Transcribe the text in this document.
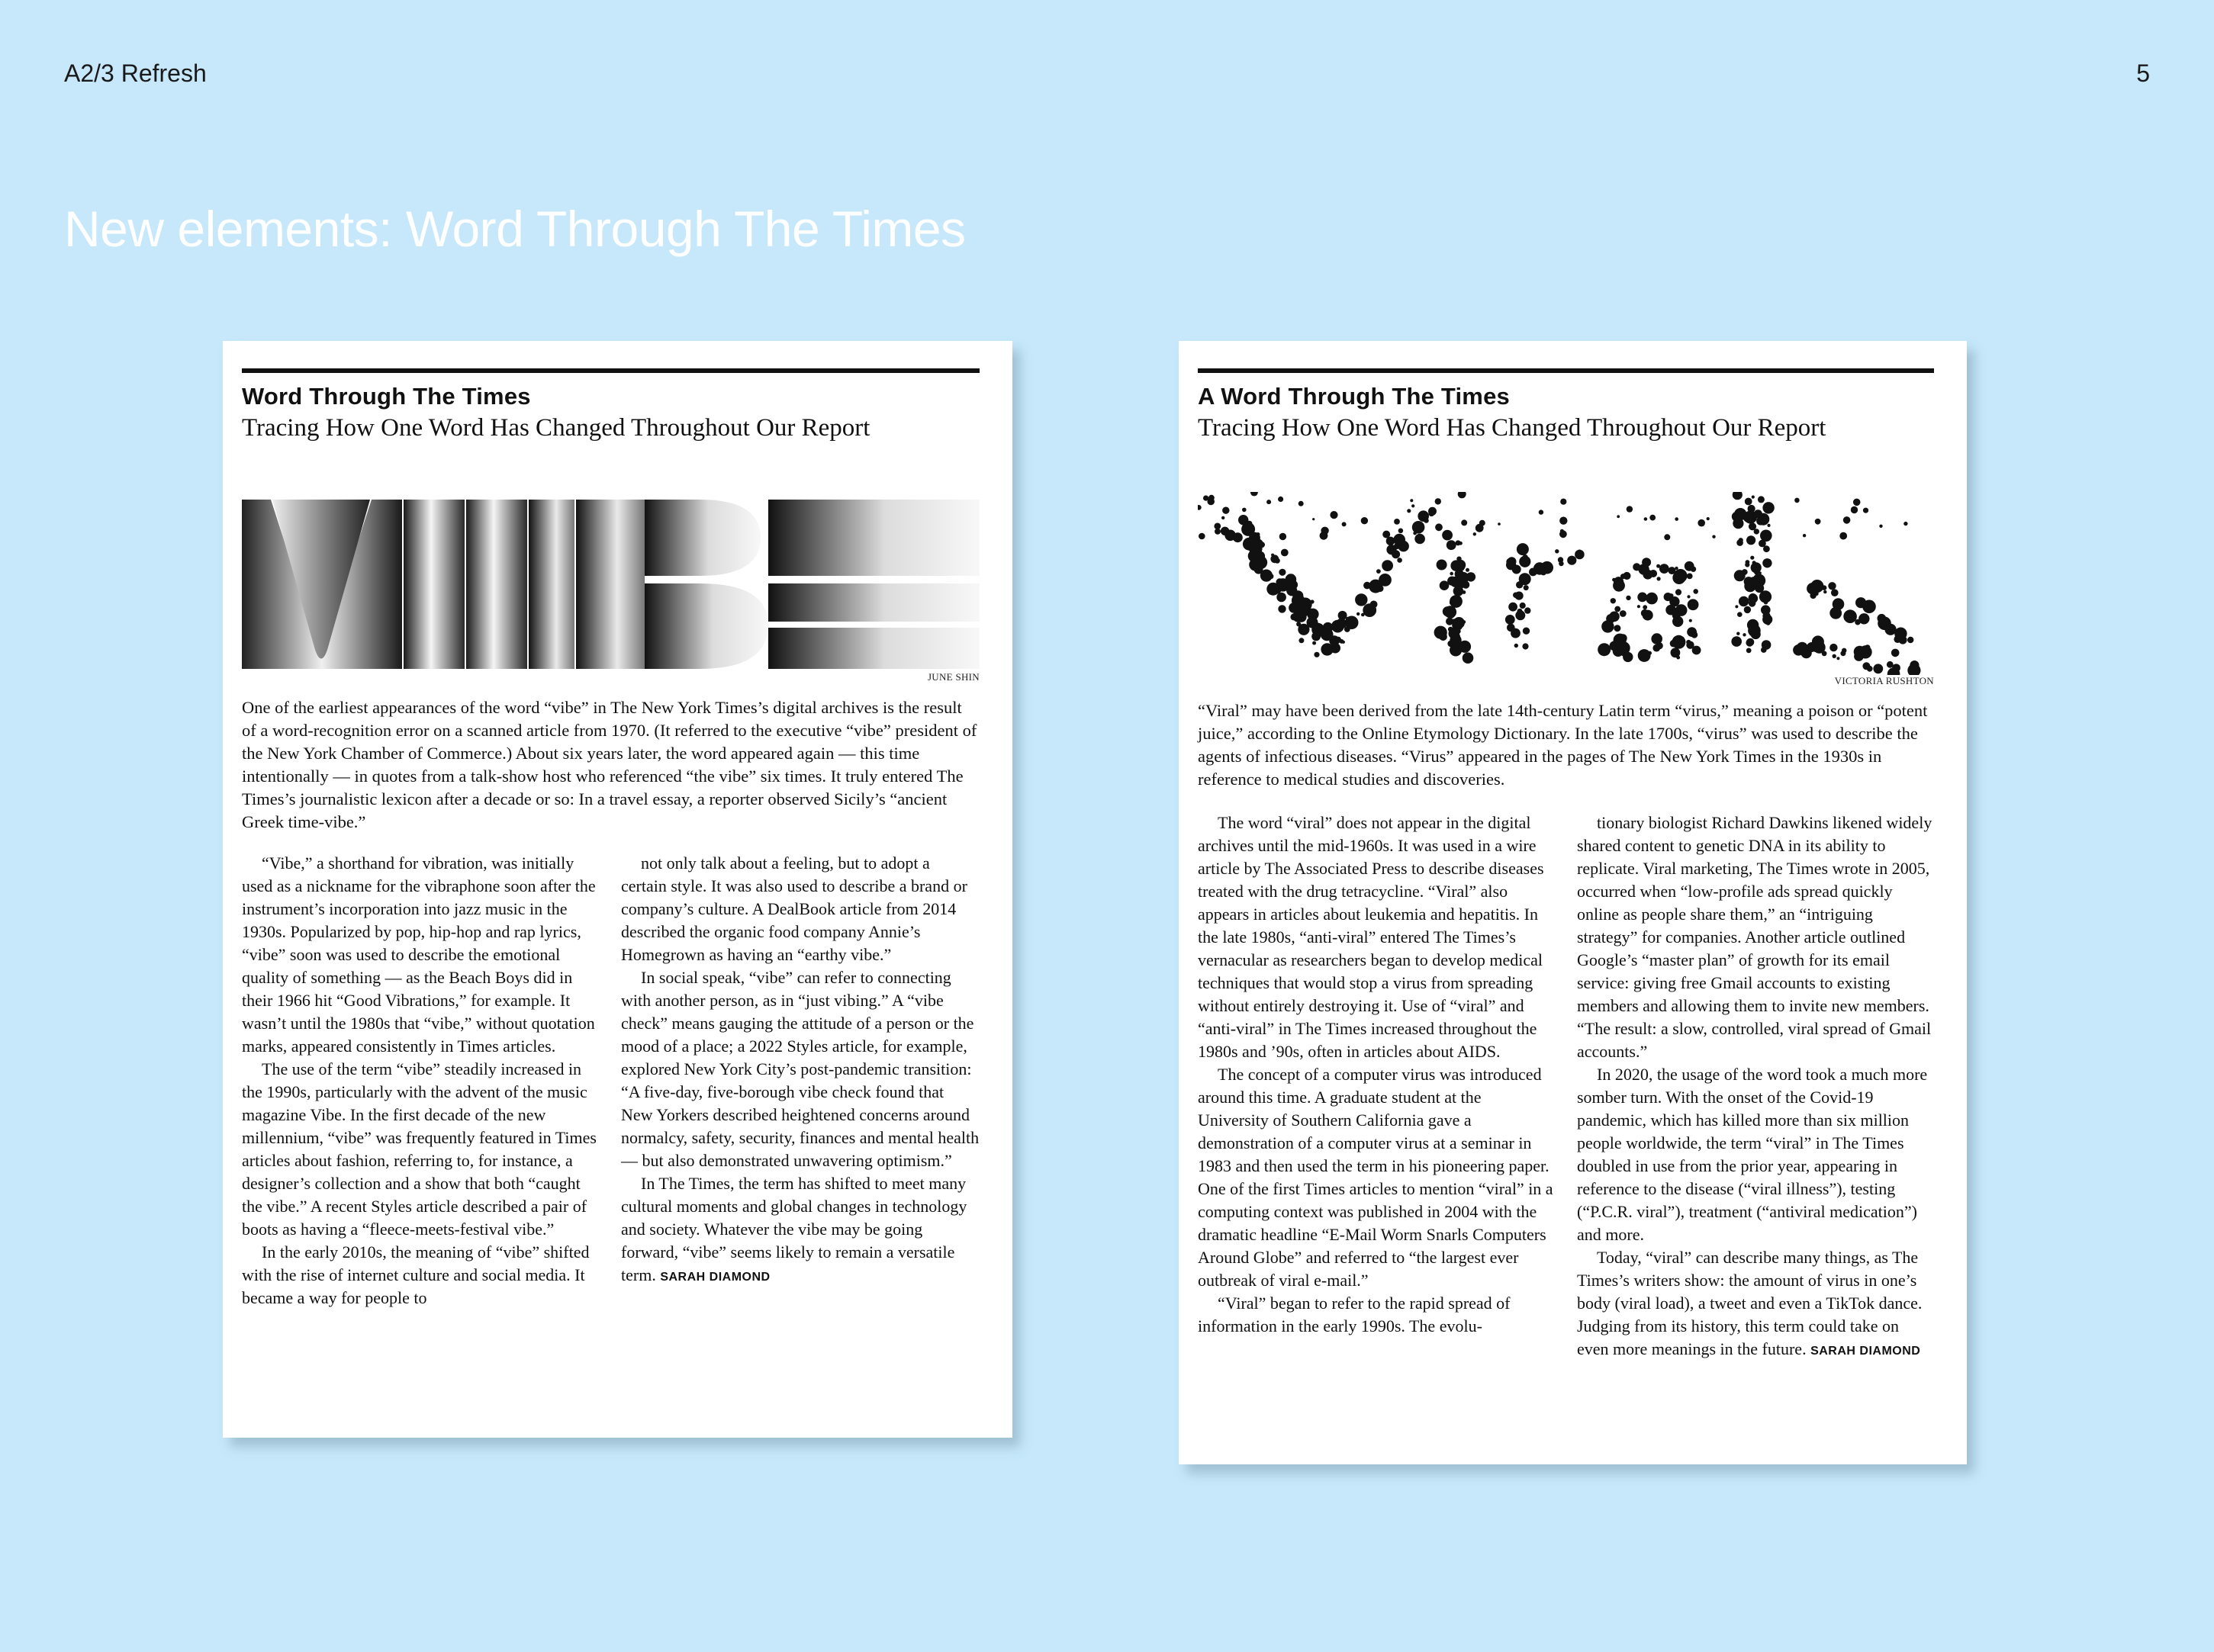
A2/3 Refresh	5
New elements: Word Through The Times
Word Through The Times
Tracing How One Word Has Changed Throughout Our Report
JUNE SHIN

One of the earliest appearances of the word “vibe” in The New York Times’s digital archives is the result of a word-recognition error on a scanned article from 1970. (It referred to the executive “vibe” president of the New York Chamber of Commerce.) About six years later, the word appeared again — this time intentionally — in quotes from a talk-show host who referenced “the vibe” six times. It truly entered The Times’s journalistic lexicon after a decade or so: In a travel essay, a reporter observed Sicily’s “ancient Greek time-vibe.”

“Vibe,” a shorthand for vibration, was initially used as a nickname for the vibraphone soon after the instrument’s incorporation into jazz music in the 1930s. Popularized by pop, hip-hop and rap lyrics, “vibe” soon was used to describe the emotional quality of something — as the Beach Boys did in their 1966 hit “Good Vibrations,” for example. It wasn’t until the 1980s that “vibe,” without quotation marks, appeared consistently in Times articles.

The use of the term “vibe” steadily increased in the 1990s, particularly with the advent of the music magazine Vibe. In the first decade of the new millennium, “vibe” was frequently featured in Times articles about fashion, referring to, for instance, a designer’s collection and a show that both “caught the vibe.” A recent Styles article described a pair of boots as having a “fleece-meets-festival vibe.”

In the early 2010s, the meaning of “vibe” shifted with the rise of internet culture and social media. It became a way for people to

not only talk about a feeling, but to adopt a certain style. It was also used to describe a brand or company’s culture. A DealBook article from 2014 described the organic food company Annie’s Homegrown as having an “earthy vibe.”

In social speak, “vibe” can refer to connecting with another person, as in “just vibing.” A “vibe check” means gauging the attitude of a person or the mood of a place; a 2022 Styles article, for example, explored New York City’s post-pandemic transition: “A five-day, five-borough vibe check found that New Yorkers described heightened concerns around normalcy, safety, security, finances and mental health — but also demonstrated unwavering optimism.”

In The Times, the term has shifted to meet many cultural moments and global changes in technology and society. Whatever the vibe may be going forward, “vibe” seems likely to remain a versatile term. SARAH DIAMOND

A Word Through The Times
Tracing How One Word Has Changed Throughout Our Report
VICTORIA RUSHTON

“Viral” may have been derived from the late 14th-century Latin term “virus,” meaning a poison or “potent juice,” according to the Online Etymology Dictionary. In the late 1700s, “virus” was used to describe the agents of infectious diseases. “Virus” appeared in the pages of The New York Times in the 1930s in reference to medical studies and discoveries.

The word “viral” does not appear in the digital archives until the mid-1960s. It was used in a wire article by The Associated Press to describe diseases treated with the drug tetracycline. “Viral” also appears in articles about leukemia and hepatitis. In the late 1980s, “anti-viral” entered The Times’s vernacular as researchers began to develop medical techniques that would stop a virus from spreading without entirely destroying it. Use of “viral” and “anti-viral” in The Times increased throughout the 1980s and ’90s, often in articles about AIDS.

The concept of a computer virus was introduced around this time. A graduate student at the University of Southern California gave a demonstration of a computer virus at a seminar in 1983 and then used the term in his pioneering paper. One of the first Times articles to mention “viral” in a computing context was published in 2004 with the dramatic headline “E-Mail Worm Snarls Computers Around Globe” and referred to “the largest ever outbreak of viral e-mail.”

“Viral” began to refer to the rapid spread of information in the early 1990s. The evolu-

tionary biologist Richard Dawkins likened widely shared content to genetic DNA in its ability to replicate. Viral marketing, The Times wrote in 2005, occurred when “low-profile ads spread quickly online as people share them,” an “intriguing strategy” for companies. Another article outlined Google’s “master plan” of growth for its email service: giving free Gmail accounts to existing members and allowing them to invite new members. “The result: a slow, controlled, viral spread of Gmail accounts.”

In 2020, the usage of the word took a much more somber turn. With the onset of the Covid-19 pandemic, which has killed more than six million people worldwide, the term “viral” in The Times doubled in use from the prior year, appearing in reference to the disease (“viral illness”), testing (“P.C.R. viral”), treatment (“antiviral medication”) and more.

Today, “viral” can describe many things, as The Times’s writers show: the amount of virus in one’s body (viral load), a tweet and even a TikTok dance. Judging from its history, this term could take on even more meanings in the future. SARAH DIAMOND
